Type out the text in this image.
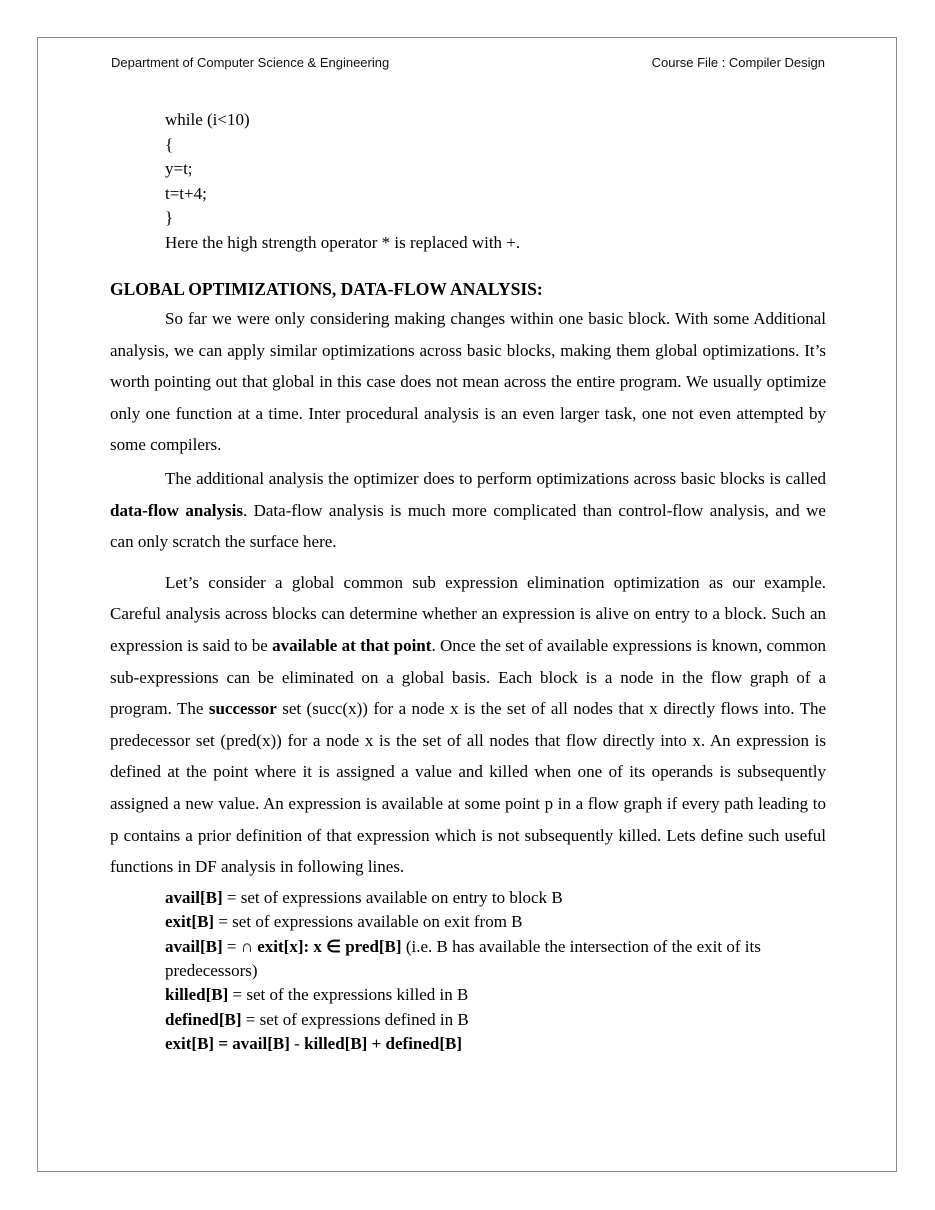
Department of Computer Science & Engineering	Course File : Compiler Design
while (i<10)
{
y=t;
t=t+4;
}
Here the high strength operator * is replaced with +.
GLOBAL OPTIMIZATIONS, DATA-FLOW ANALYSIS:

So far we were only considering making changes within one basic block. With some Additional analysis, we can apply similar optimizations across basic blocks, making them global optimizations. It’s worth pointing out that global in this case does not mean across the entire program. We usually optimize only one function at a time. Inter procedural analysis is an even larger task, one not even attempted by some compilers.

The additional analysis the optimizer does to perform optimizations across basic blocks is called data-flow analysis. Data-flow analysis is much more complicated than control-flow analysis, and we can only scratch the surface here.

Let’s consider a global common sub expression elimination optimization as our example. Careful analysis across blocks can determine whether an expression is alive on entry to a block. Such an expression is said to be available at that point. Once the set of available expressions is known, common sub-expressions can be eliminated on a global basis. Each block is a node in the flow graph of a program. The successor set (succ(x)) for a node x is the set of all nodes that x directly flows into. The predecessor set (pred(x)) for a node x is the set of all nodes that flow directly into x. An expression is defined at the point where it is assigned a value and killed when one of its operands is subsequently assigned a new value. An expression is available at some point p in a flow graph if every path leading to p contains a prior definition of that expression which is not subsequently killed. Lets define such useful functions in DF analysis in following lines.

avail[B] = set of expressions available on entry to block B
exit[B] = set of expressions available on exit from B
avail[B] = ∩ exit[x]: x ∈ pred[B] (i.e. B has available the intersection of the exit of its predecessors)
killed[B] = set of the expressions killed in B
defined[B] = set of expressions defined in B
exit[B] = avail[B] - killed[B] + defined[B]
